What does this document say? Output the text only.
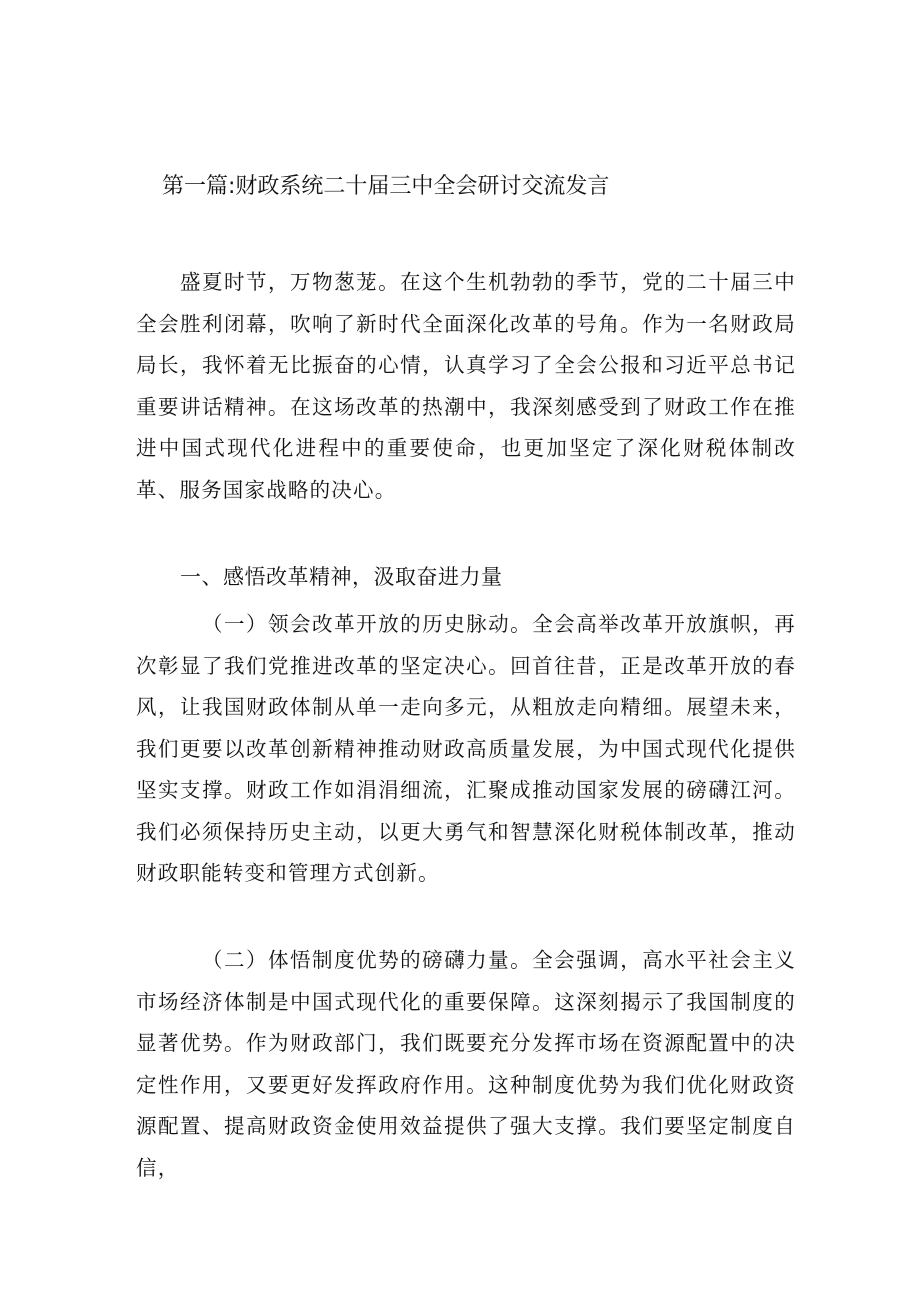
第一篇:财政系统二十届三中全会研讨交流发言

盛夏时节，万物葱茏。在这个生机勃勃的季节，党的二十届三中全会胜利闭幕，吹响了新时代全面深化改革的号角。作为一名财政局局长，我怀着无比振奋的心情，认真学习了全会公报和习近平总书记重要讲话精神。在这场改革的热潮中，我深刻感受到了财政工作在推进中国式现代化进程中的重要使命，也更加坚定了深化财税体制改革、服务国家战略的决心。

一、感悟改革精神，汲取奋进力量

（一）领会改革开放的历史脉动。全会高举改革开放旗帜，再次彰显了我们党推进改革的坚定决心。回首往昔，正是改革开放的春风，让我国财政体制从单一走向多元，从粗放走向精细。展望未来，我们更要以改革创新精神推动财政高质量发展，为中国式现代化提供坚实支撑。财政工作如涓涓细流，汇聚成推动国家发展的磅礴江河。我们必须保持历史主动，以更大勇气和智慧深化财税体制改革，推动财政职能转变和管理方式创新。

（二）体悟制度优势的磅礴力量。全会强调，高水平社会主义市场经济体制是中国式现代化的重要保障。这深刻揭示了我国制度的显著优势。作为财政部门，我们既要充分发挥市场在资源配置中的决定性作用，又要更好发挥政府作用。这种制度优势为我们优化财政资源配置、提高财政资金使用效益提供了强大支撑。我们要坚定制度自信，
